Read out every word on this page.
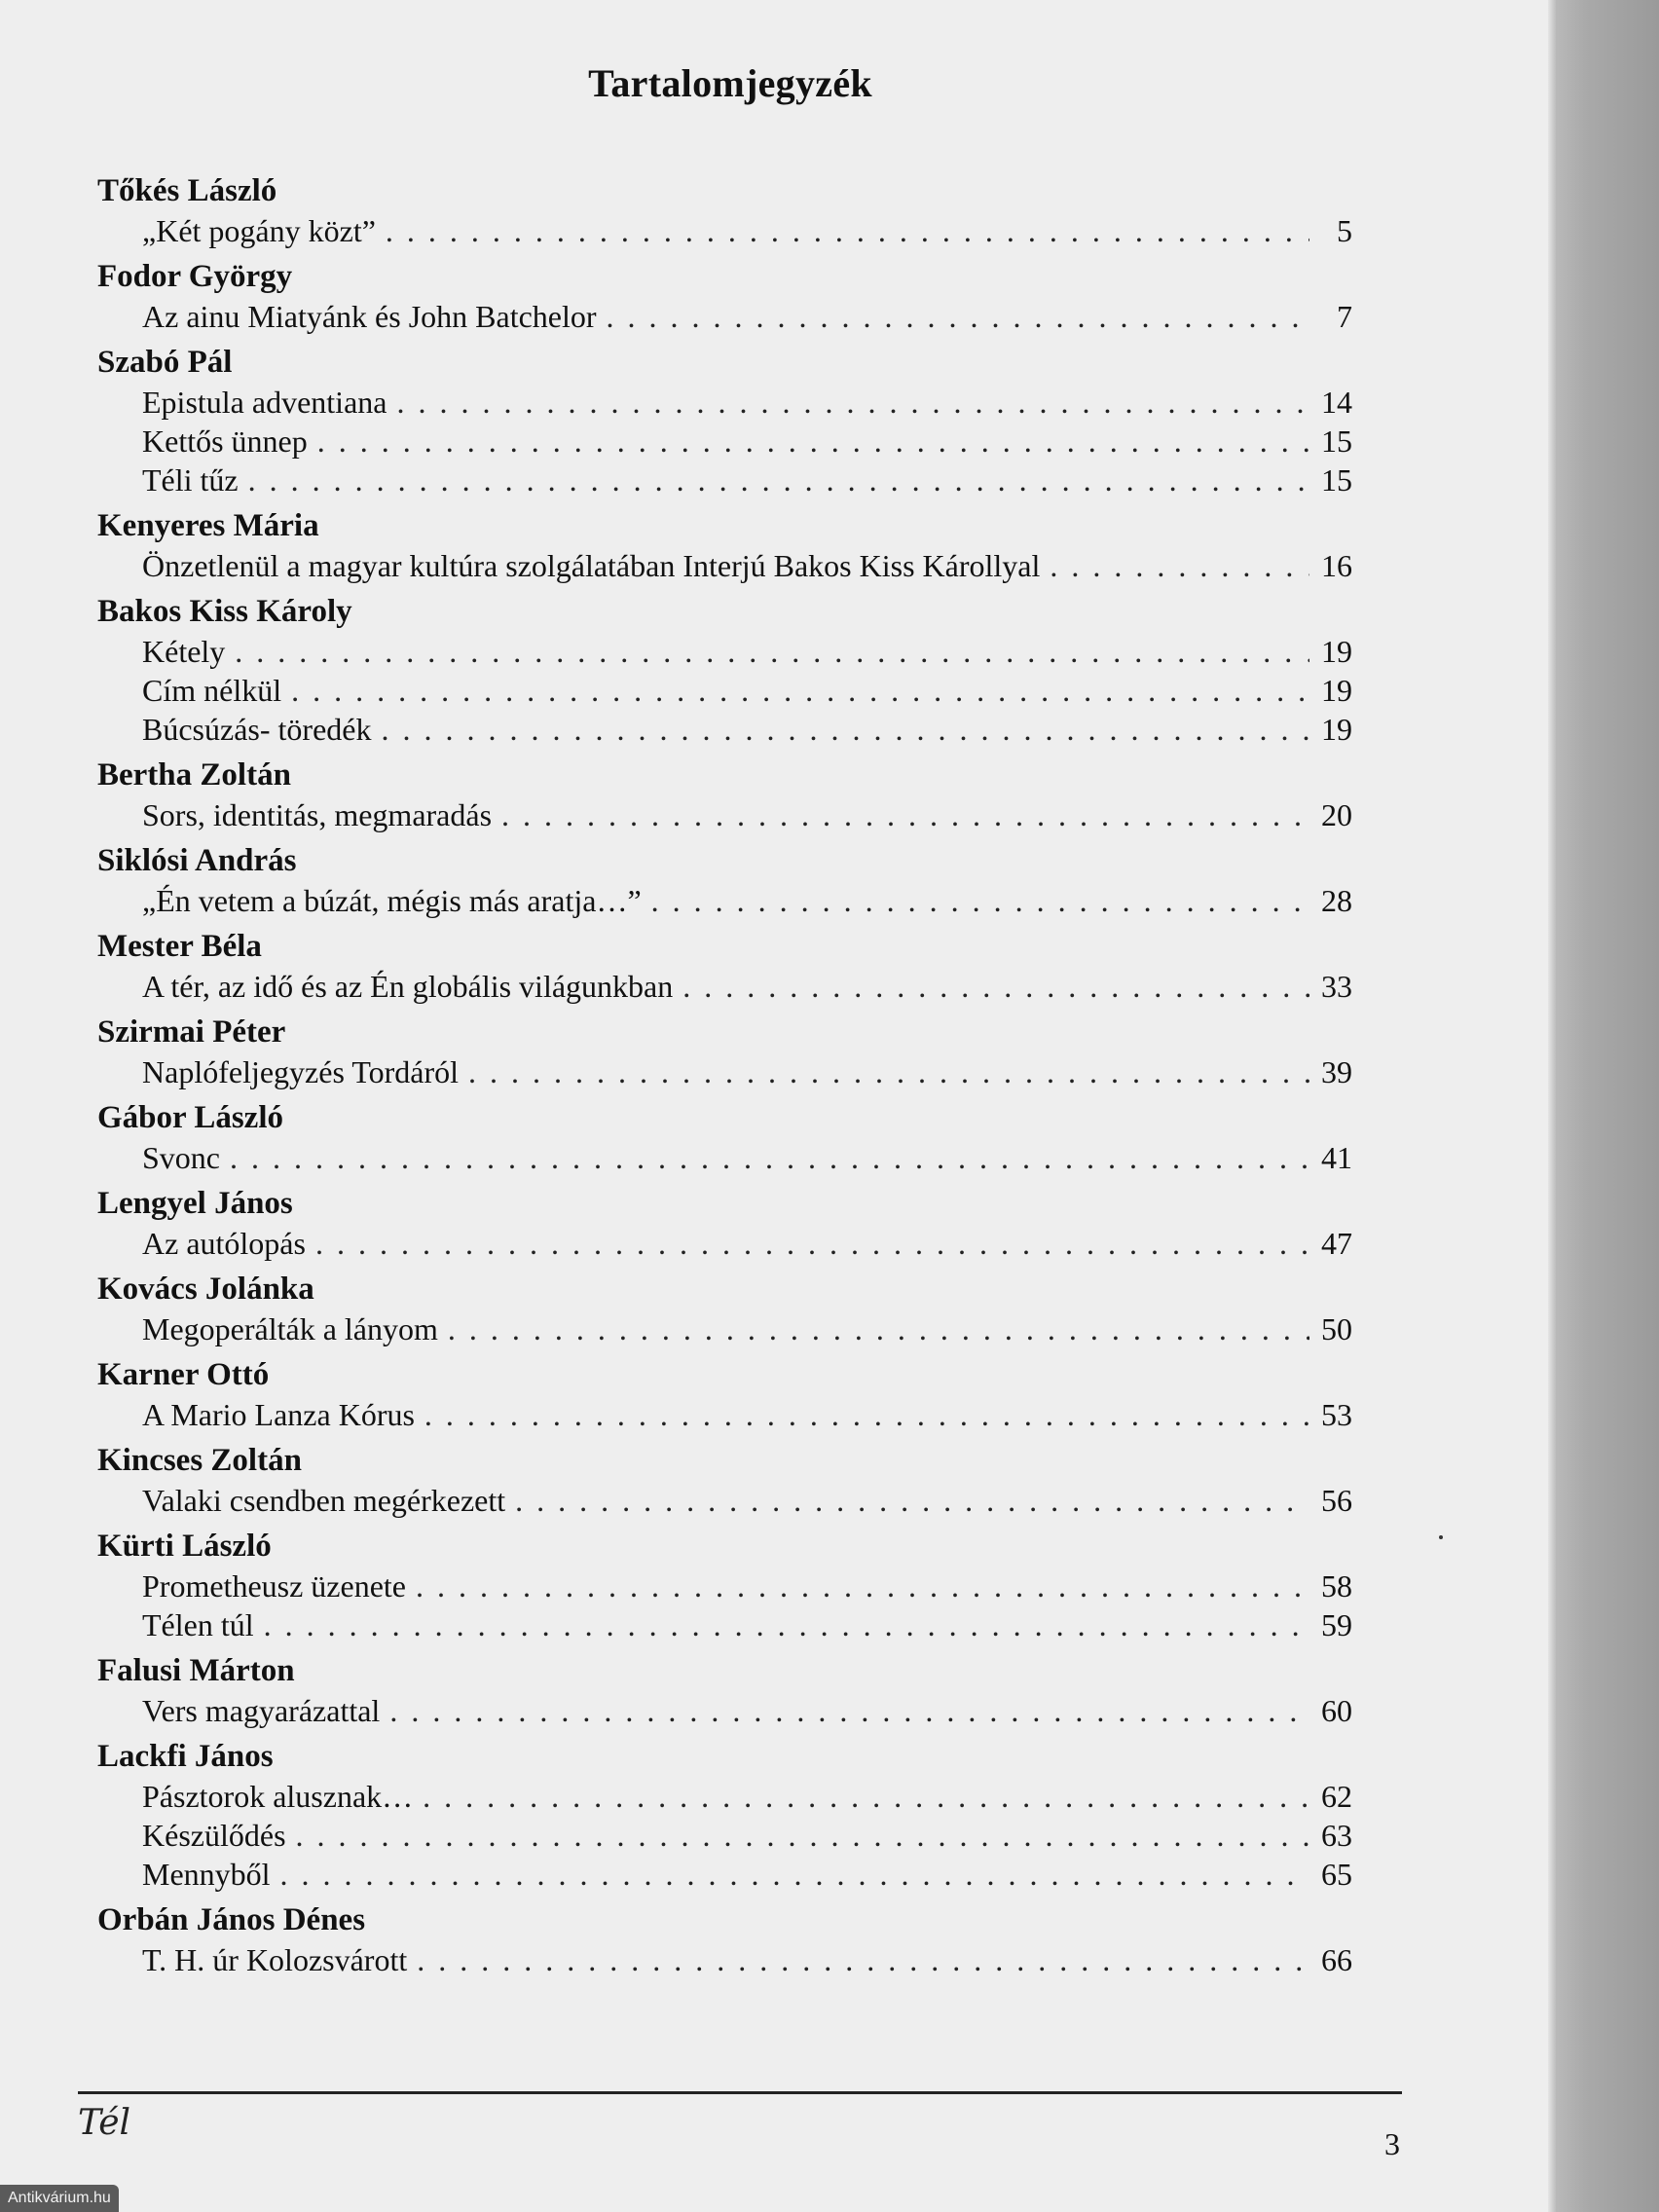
Tartalomjegyzék
Tőkés László
„Két pogány közt” . . .	5
Fodor György
Az ainu Miatyánk és John Batchelor . . .	7
Szabó Pál
Epistula adventiana . . .	14
Kettős ünnep . . .	15
Téli tűz . . .	15
Kenyeres Mária
Önzetlenül a magyar kultúra szolgálatában Interjú Bakos Kiss Károllyal . . .	16
Bakos Kiss Károly
Kétely . . .	19
Cím nélkül . . .	19
Búcsúzás- töredék . . .	19
Bertha Zoltán
Sors, identitás, megmaradás . . .	20
Siklósi András
„Én vetem a búzát, mégis más aratja…” . . .	28
Mester Béla
A tér, az idő és az Én globális világunkban . . .	33
Szirmai Péter
Naplófeljegyzés Tordáról . . .	39
Gábor László
Svonc . . .	41
Lengyel János
Az autólopás . . .	47
Kovács Jolánka
Megoperálták a lányom . . .	50
Karner Ottó
A Mario Lanza Kórus . . .	53
Kincses Zoltán
Valaki csendben megérkezett . . .	56
Kürti László
Prometheusz üzenete . . .	58
Télen túl . . .	59
Falusi Márton
Vers magyarázattal . . .	60
Lackfi János
Pásztorok alusznak… . . .	62
Készülődés . . .	63
Mennyből . . .	65
Orbán János Dénes
T. H. úr Kolozsvárott . . .	66
Tél
3
Antikvárium.hu
